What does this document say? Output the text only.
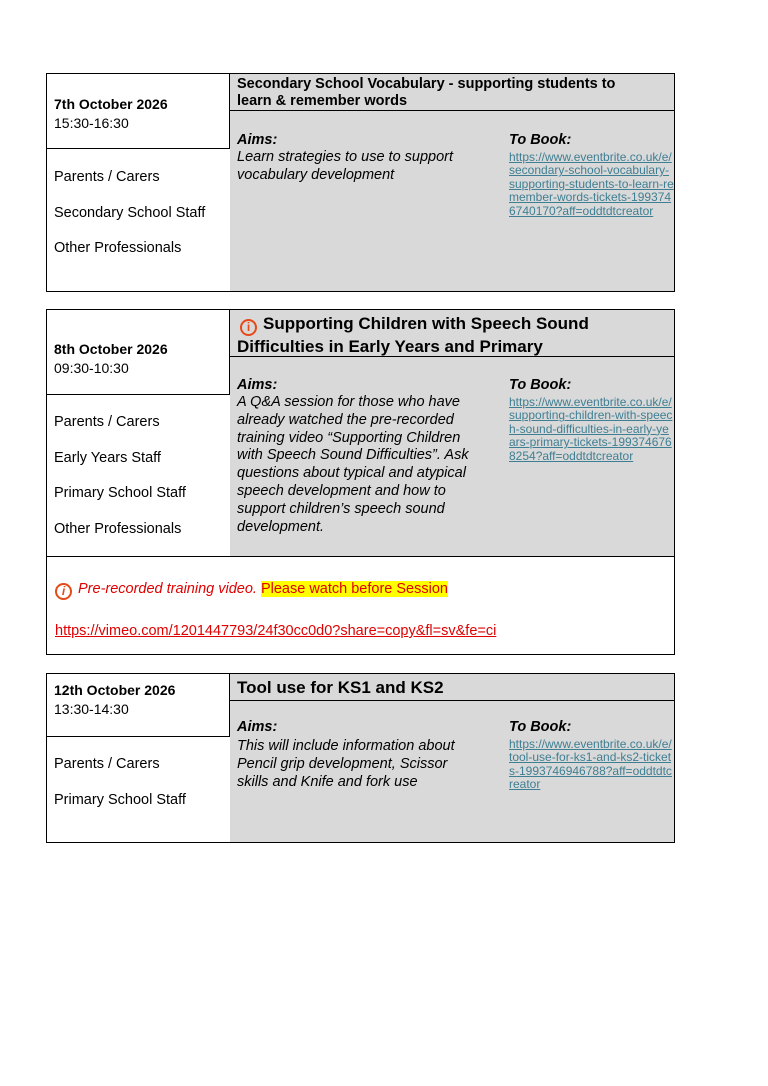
7th October 2026
15:30-16:30
Parents / Carers
Secondary School Staff
Other Professionals
Secondary School Vocabulary - supporting students to learn & remember words
Aims:
Learn strategies to use to support vocabulary development
To Book:
https://www.eventbrite.co.uk/e/secondary-school-vocabulary-supporting-students-to-learn-remember-words-tickets-1993746740170?aff=oddtdtcreator
8th October 2026
09:30-10:30
Parents / Carers
Early Years Staff
Primary School Staff
Other Professionals
i Supporting Children with Speech Sound Difficulties in Early Years and Primary
Aims:
A Q&A session for those who have already watched the pre-recorded training video “Supporting Children with Speech Sound Difficulties”. Ask questions about typical and atypical speech development and how to support children’s speech sound development.
To Book:
https://www.eventbrite.co.uk/e/supporting-children-with-speech-sound-difficulties-in-early-years-primary-tickets-1993746768254?aff=oddtdtcreator
i Pre-recorded training video. Please watch before Session
https://vimeo.com/1201447793/24f30cc0d0?share=copy&fl=sv&fe=ci
12th October 2026
13:30-14:30
Parents / Carers
Primary School Staff
Tool use for KS1 and KS2
Aims:
This will include information about Pencil grip development, Scissor skills and Knife and fork use
To Book:
https://www.eventbrite.co.uk/e/tool-use-for-ks1-and-ks2-tickets-1993746946788?aff=oddtdtcreator
